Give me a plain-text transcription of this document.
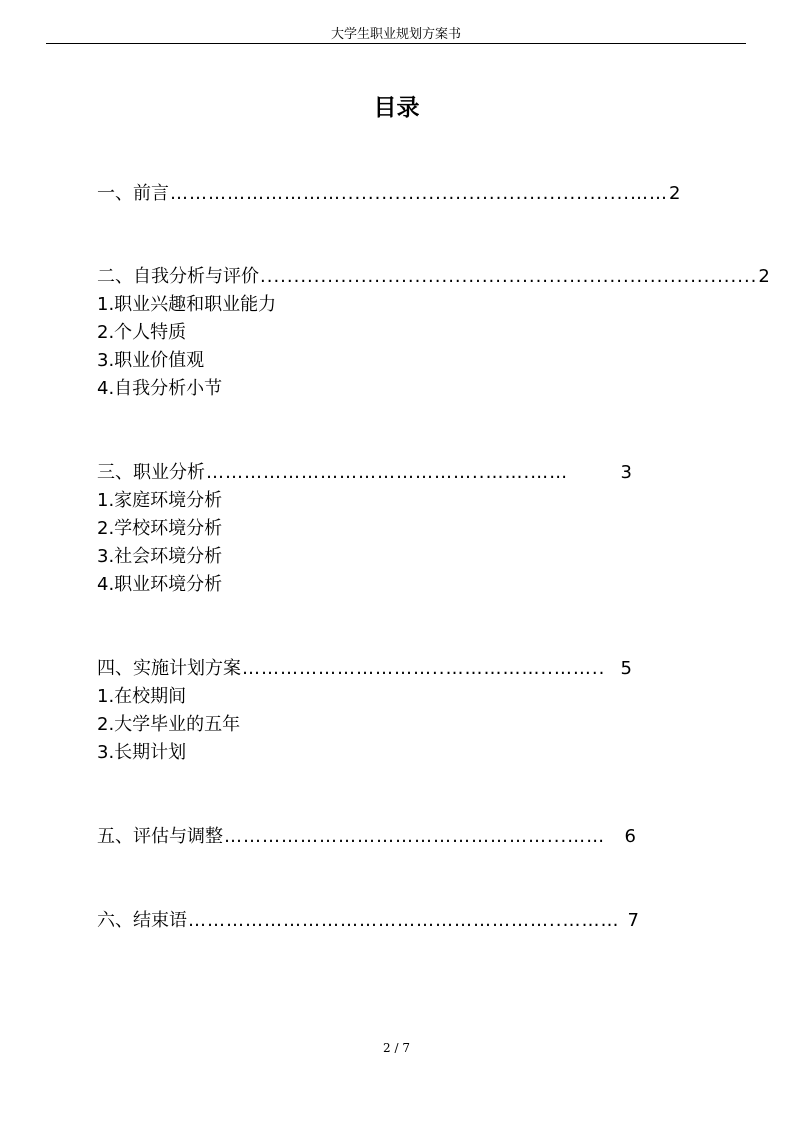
大学生职业规划方案书
目录
一、前言 ………………………...........................................…… 2
二、自我分析与评价 .......................................................................... 2
1.职业兴趣和职业能力
2.个人特质
3.职业价值观
4.自我分析小节
三、职业分析 ……………………………………..…….……	3
1.家庭环境分析
2.学校环境分析
3.社会环境分析
4.职业环境分析
四、实施计划方案 …………………………..……………..…….. 5
1.在校期间
2.大学毕业的五年
3.长期计划
五、评估与调整 ……………………………………………...……	6
六、结束语 …………………………………………………..……… 7
2 / 7
